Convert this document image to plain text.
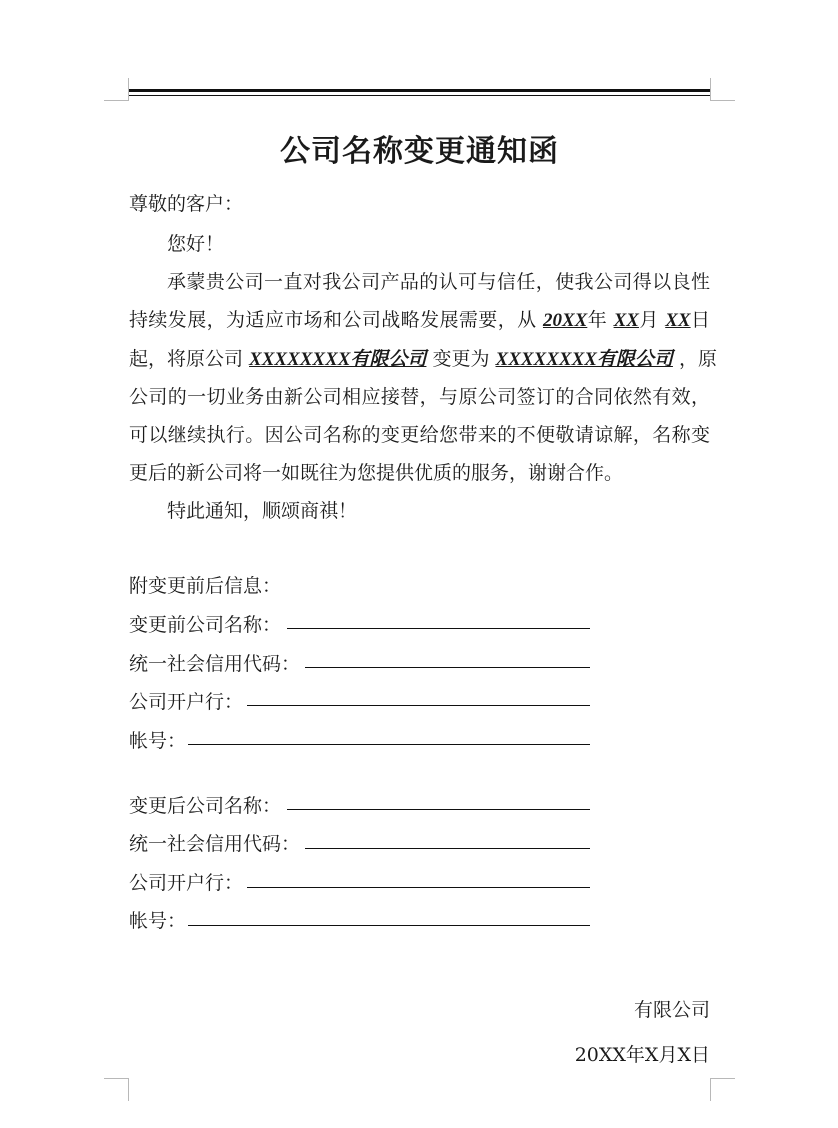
公司名称变更通知函
尊敬的客户：
您好！
承蒙贵公司一直对我公司产品的认可与信任，使我公司得以良性
持续发展，为适应市场和公司战略发展需要，从 20XX年 XX月 XX日
起，将原公司 XXXXXXXX有限公司 变更为 XXXXXXXX有限公司 ，原
公司的一切业务由新公司相应接替，与原公司签订的合同依然有效，
可以继续执行。因公司名称的变更给您带来的不便敬请谅解，名称变
更后的新公司将一如既往为您提供优质的服务，谢谢合作。
特此通知，顺颂商祺！
附变更前后信息：
变更前公司名称：
统一社会信用代码：
公司开户行：
帐号：
变更后公司名称：
统一社会信用代码：
公司开户行：
帐号：
有限公司
20XX年X月X日
